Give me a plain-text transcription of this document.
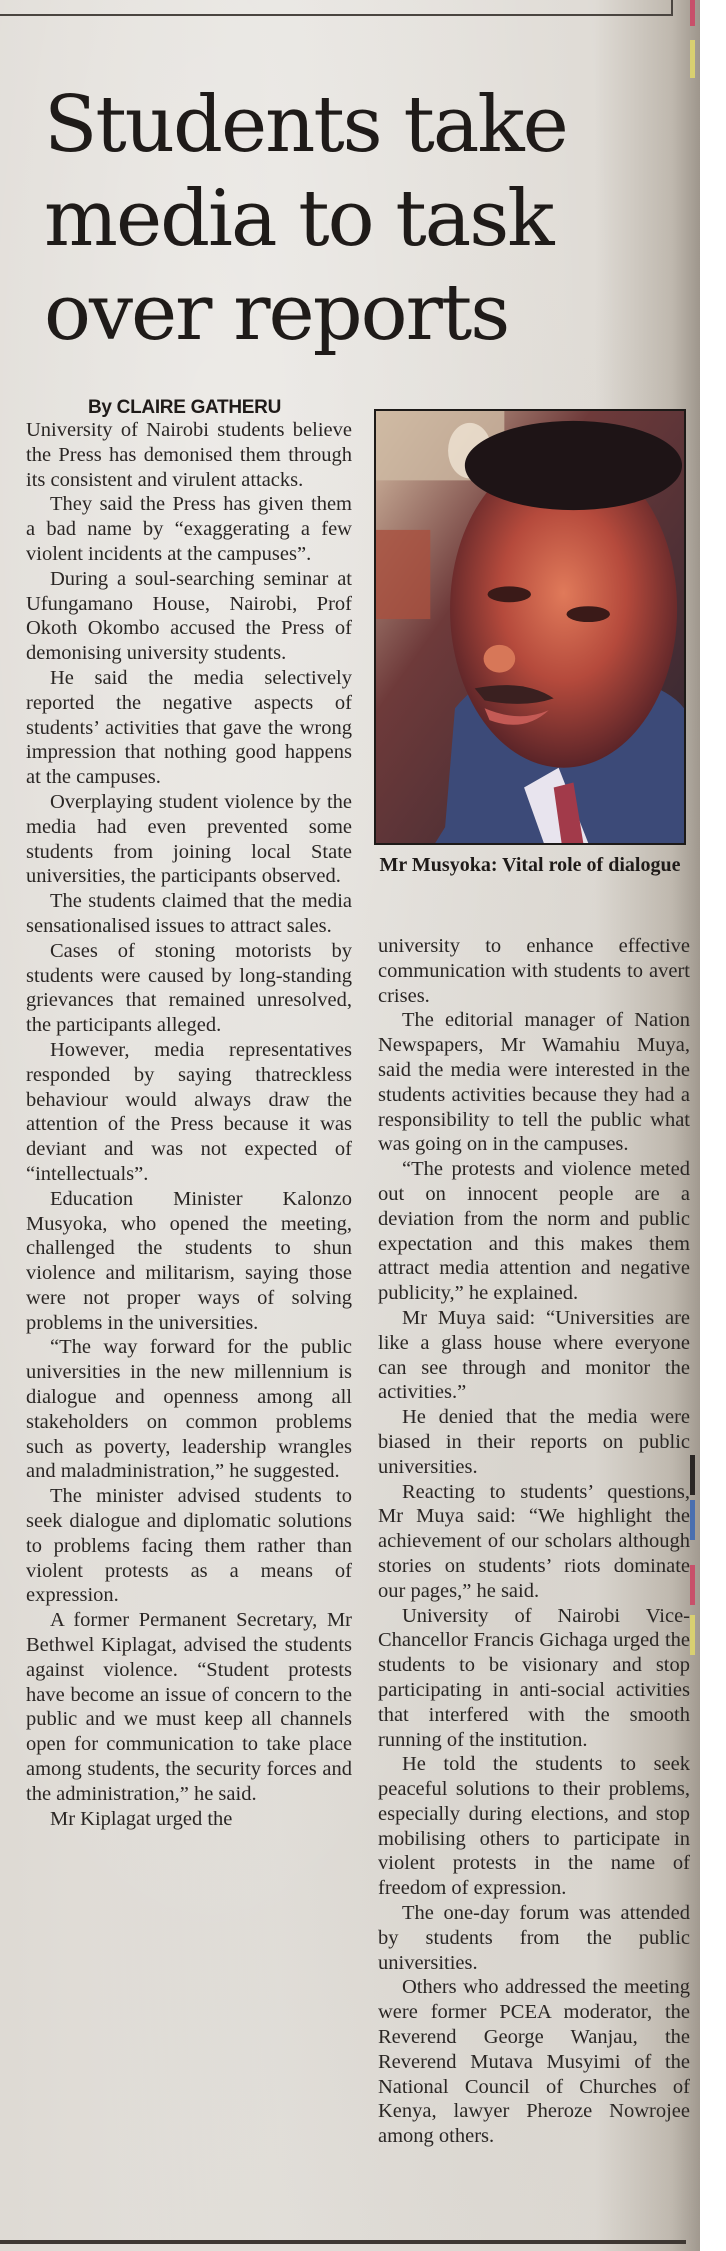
Students take media to task over reports
By CLAIRE GATHERU

University of Nairobi students believe the Press has demonised them through its consistent and virulent attacks.

They said the Press has given them a bad name by “exaggerating a few violent incidents at the campuses”.

During a soul-searching seminar at Ufungamano House, Nairobi, Prof Okoth Okombo accused the Press of demonising university students.

He said the media selectively reported the negative aspects of students’ activities that gave the wrong impression that nothing good happens at the campuses.

Overplaying student violence by the media had even prevented some students from joining local State universities, the participants observed.

The students claimed that the media sensationalised issues to attract sales.

Cases of stoning motorists by students were caused by long-standing grievances that remained unresolved, the participants alleged.

However, media representatives responded by saying thatreckless behaviour would always draw the attention of the Press because it was deviant and was not expected of “intellectuals”.

Education Minister Kalonzo Musyoka, who opened the meeting, challenged the students to shun violence and militarism, saying those were not proper ways of solving problems in the universities.

“The way forward for the public universities in the new millennium is dialogue and openness among all stakeholders on common problems such as poverty, leadership wrangles and maladministration,” he suggested.

The minister advised students to seek dialogue and diplomatic solutions to problems facing them rather than violent protests as a means of expression.

A former Permanent Secretary, Mr Bethwel Kiplagat, advised the students against violence. “Student protests have become an issue of concern to the public and we must keep all channels open for communication to take place among students, the security forces and the administration,” he said.

Mr Kiplagat urged the

Mr Musyoka: Vital role of dialogue

university to enhance effective communication with students to avert crises.

The editorial manager of Nation Newspapers, Mr Wamahiu Muya, said the media were interested in the students activities because they had a responsibility to tell the public what was going on in the campuses.

“The protests and violence meted out on innocent people are a deviation from the norm and public expectation and this makes them attract media attention and negative publicity,” he explained.

Mr Muya said: “Universities are like a glass house where everyone can see through and monitor the activities.”

He denied that the media were biased in their reports on public universities.

Reacting to students’ questions, Mr Muya said: “We highlight the achievement of our scholars although stories on students’ riots dominate our pages,” he said.

University of Nairobi Vice-Chancellor Francis Gichaga urged the students to be visionary and stop participating in anti-social activities that interfered with the smooth running of the institution.

He told the students to seek peaceful solutions to their problems, especially during elections, and stop mobilising others to participate in violent protests in the name of freedom of expression.

The one-day forum was attended by students from the public universities.

Others who addressed the meeting were former PCEA moderator, the Reverend George Wanjau, the Reverend Mutava Musyimi of the National Council of Churches of Kenya, lawyer Pheroze Nowrojee among others.
